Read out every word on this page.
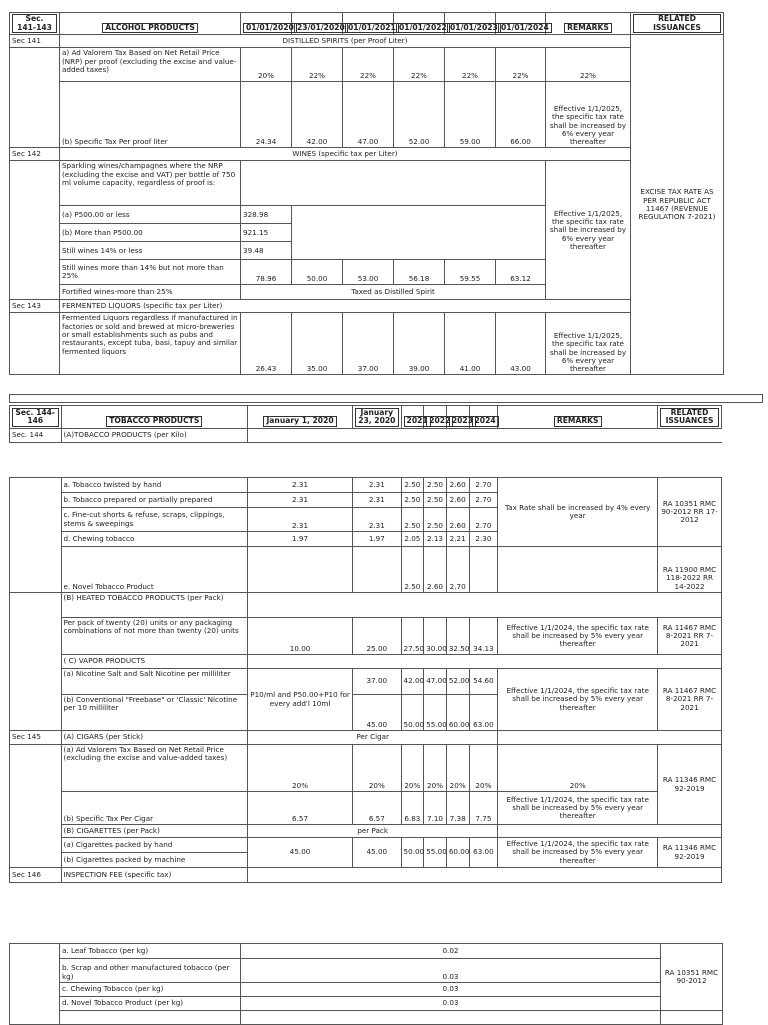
Sec. 141-143	ALCOHOL PRODUCTS	01/01/2020	23/01/2020	01/01/2021	01/01/2022	01/01/2023	01/01/2024	REMARKS	RELATED ISSUANCES	
Sec 141	DISTILLED SPIRITS (per Proof Liter)								EXCISE TAX RATE AS PER REPUBLIC ACT 11467 (REVENUE REGULATION 7-2021)	
	a) Ad Valorem Tax Based on Net Retail Price (NRP) per proof (excluding the excise and value-added taxes)	20%	22%	22%	22%	22%	22%	22%		
	(b) Specific Tax Per proof liter	24.34	42.00	47.00	52.00	59.00	66.00	Effective 1/1/2025, the specific tax rate shall be increased by 6% every year thereafter		
Sec 142	WINES (specific tax per Liter)									
	Sparkling wines/champagnes where the NRP (excluding the excise and VAT) per bottle of 750 ml volume capacity, regardless of proof is:							Effective 1/1/2025, the specific tax rate shall be increased by 6% every year thereafter		
	(a) P500.00 or less	328.98								
	(b) More than P500.00	921.15								
	Still wines 14% or less	39.48								
	Still wines more than 14% but not more than 25%	78.96	50.00	53.00	56.18	59.55	63.12			
	Fortified wines-more than 25%	Taxed as Distilled Spirit								
Sec 143	FERMENTED LIQUORS (specific tax per Liter)									
	Fermented Liquors regardless if manufactured in factories or sold and brewed at micro-breweries or small establishments such as pubs and restaurants, except tuba, basi, tapuy and similar fermented liquors	26.43	35.00	37.00	39.00	41.00	43.00	Effective 1/1/2025, the specific tax rate shall be increased by 6% every year thereafter		
Sec. 144-146	TOBACCO PRODUCTS	January 1, 2020	January 23, 2020	2021	2022	2023	2024	REMARKS	RELATED ISSUANCES
Sec. 144	(A)TOBACCO PRODUCTS (per Kilo)								
	a. Tobacco twisted by hand	2.31	2.31	2.50	2.50	2.60	2.70	Tax Rate shall be increased by 4% every year	RA 10351 RMC 90-2012 RR 17-2012
	b. Tobacco prepared or partially prepared	2.31	2.31	2.50	2.50	2.60	2.70		
	c. Fine-cut shorts & refuse, scraps, clippings, stems & sweepings	2.31	2.31	2.50	2.50	2.60	2.70		
	d. Chewing tobacco	1.97	1.97	2.05	2.13	2.21	2.30		
	e. Novel Tobacco Product			2.50	2.60	2.70			RA 11900 RMC 118-2022 RR 14-2022
	(B) HEATED TOBACCO PRODUCTS (per Pack)								
	Per pack of twenty (20) units or any packaging combinations of not more than twenty (20) units	10.00	25.00	27.50	30.00	32.50	34.13	Effective 1/1/2024, the specific tax rate shall be increased by 5% every year thereafter	RA 11467 RMC 8-2021 RR 7-2021
	( C) VAPOR PRODUCTS								
	(a) Nicotine Salt and Salt Nicotine per milliliter	P10/ml and P50.00+P10 for every add'l 10ml	37.00	42.00	47.00	52.00	54.60	Effective 1/1/2024, the specific tax rate shall be increased by 5% every year thereafter	RA 11467 RMC 8-2021 RR 7-2021
	(b) Conventional "Freebase" or 'Classic' Nicotine per 10 milliliter		45.00	50.00	55.00	60.00	63.00		
Sec 145	(A) CIGARS (per Stick)	Per Cigar							
	(a) Ad Valorem Tax Based on Net Retail Price (excluding the excise and value-added taxes)	20%	20%	20%	20%	20%	20%	20%	RA 11346 RMC 92-2019
	(b) Specific Tax Per Cigar	6.57	6.57	6.83	7.10	7.38	7.75	Effective 1/1/2024, the specific tax rate shall be increased by 5% every year thereafter	
	(B) CIGARETTES (per Pack)	per Pack							
	(a) Cigarettes packed by hand	45.00	45.00	50.00	55.00	60.00	63.00	Effective 1/1/2024, the specific tax rate shall be increased by 5% every year thereafter	RA 11346 RMC 92-2019
	(b) Cigarettes packed by machine								
Sec 146	INSPECTION FEE (specific tax)								
	a. Leaf Tobacco (per kg)	0.02	RA 10351 RMC 90-2012
	b. Scrap and other manufactured tobacco (per kg)	0.03	
	c. Chewing Tobacco (per kg)	0.03	
	d. Novel Tobacco Product (per kg)	0.03	
